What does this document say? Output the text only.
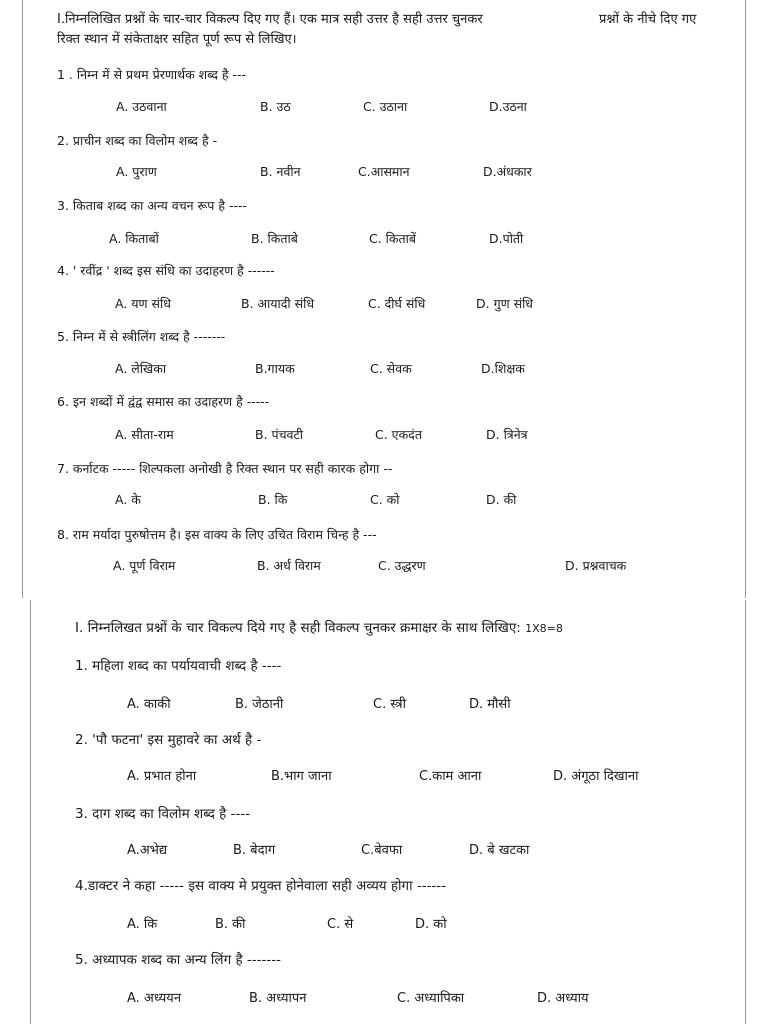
I.निम्नलिखित प्रश्नों के चार-चार विकल्प दिए गए हैं। एक मात्र सही उत्तर है सही उत्तर चुनकर	प्रश्नों के नीचे दिए गए
रिक्त स्थान में संकेताक्षर सहित पूर्ण रूप से लिखिए।
1 . निम्न में से प्रथम प्रेरणार्थक शब्द है ---
A. उठवाना	B. उठ	C. उठाना	D.उठना
2. प्राचीन शब्द का विलोम शब्द है -
A. पुराण	B. नवीन	C.आसमान	D.अंधकार
3. किताब शब्द का अन्य वचन रूप है ----
A. किताबों	B. किताबे	C. किताबें	D.पोती
4. ' रवींद्र ' शब्द इस संधि का उदाहरण है ------
A. यण संधि	B. आयादी संधि	C. दीर्घ संधि	D. गुण संधि
5. निम्न में से स्त्रीलिंग शब्द है -------
A. लेखिका	B.गायक	C. सेवक	D.शिक्षक
6. इन शब्दों में द्वंद्व समास का उदाहरण है -----
A. सीता-राम	B. पंचवटी	C. एकदंत	D. त्रिनेत्र
7. कर्नाटक ----- शिल्पकला अनोखी है रिक्त स्थान पर सही कारक होगा --
A. के	B. कि	C. को	D. की
8. राम मर्यादा पुरुषोत्तम है। इस वाक्य के लिए उचित विराम चिन्ह है ---
A. पूर्ण विराम	B. अर्ध विराम	C. उद्धरण	D. प्रश्नवाचक
I. निम्नलिखत प्रश्नों के चार विकल्प दिये गए है सही विकल्प चुनकर क्रमाक्षर के साथ लिखिए: 1X8=8
1. महिला शब्द का पर्यायवाची शब्द है ----
A. काकी	B. जेठानी	C. स्त्री	D. मौसी
2. 'पौ फटना' इस मुहावरे का अर्थ है -
A. प्रभात होना	B.भाग जाना	C.काम आना	D. अंगूठा दिखाना
3. दाग शब्द का विलोम शब्द है ----
A.अभेद्य	B. बेदाग	C.बेवफा	D. बे खटका
4.डाक्टर ने कहा ----- इस वाक्य मे प्रयुक्त होनेवाला सही अव्यय होगा ------
A. कि	B. की	C. से	D. को
5. अध्यापक शब्द का अन्य लिंग है -------
A. अध्ययन	B. अध्यापन	C. अध्यापिका	D. अध्याय
